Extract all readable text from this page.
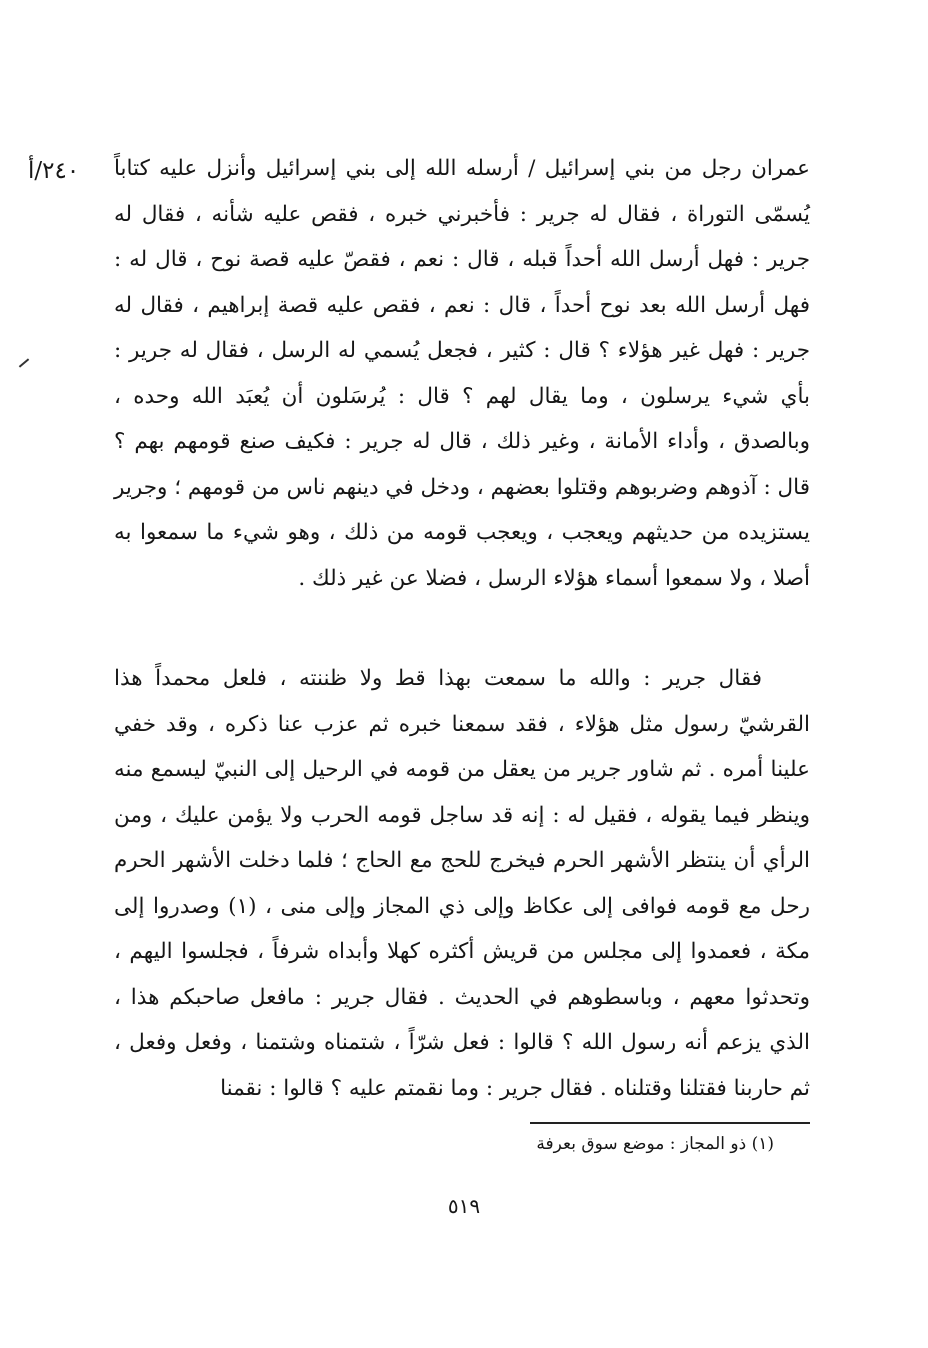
٢٤٠/أ عمران رجل من بني إسرائيل / أرسله الله إلى بني إسرائيل وأنزل عليه كتاباً يُسمّى التوراة ، فقال له جرير : فأخبرني خبره ، فقص عليه شأنه ، فقال له جرير : فهل أرسل الله أحداً قبله ، قال : نعم ، فقصّ عليه قصة نوح ، قال له : فهل أرسل الله بعد نوح أحداً ، قال : نعم ، فقص عليه قصة إبراهيم ، فقال له جرير : فهل غير هؤلاء ؟ قال : كثير ، فجعل يُسمي له الرسل ، فقال له جرير : بأي شيء يرسلون ، وما يقال لهم ؟ قال : يُرسَلون أن يُعبَد الله وحده ، وبالصدق ، وأداء الأمانة ، وغير ذلك ، قال له جرير : فكيف صنع قومهم بهم ؟ قال : آذوهم وضربوهم وقتلوا بعضهم ، ودخل في دينهم ناس من قومهم ؛ وجرير يستزيده من حديثهم ويعجب ، ويعجب قومه من ذلك ، وهو شيء ما سمعوا به أصلا ، ولا سمعوا أسماء هؤلاء الرسل ، فضلا عن غير ذلك .

فقال جرير : والله ما سمعت بهذا قط ولا ظننته ، فلعل محمداً هذا القرشيّ رسول مثل هؤلاء ، فقد سمعنا خبره ثم عزب عنا ذكره ، وقد خفي علينا أمره . ثم شاور جرير من يعقل من قومه في الرحيل إلى النبيّ ليسمع منه وينظر فيما يقوله ، فقيل له : إنه قد ساجل قومه الحرب ولا يؤمن عليك ، ومن الرأي أن ينتظر الأشهر الحرم فيخرج للحج مع الحاج ؛ فلما دخلت الأشهر الحرم رحل مع قومه فوافى إلى عكاظ وإلى ذي المجاز وإلى منى ، (١) وصدروا إلى مكة ، فعمدوا إلى مجلس من قريش أكثره كهلا وأبداه شرفاً ، فجلسوا اليهم ، وتحدثوا معهم ، وباسطوهم في الحديث . فقال جرير : مافعل صاحبكم هذا ، الذي يزعم أنه رسول الله ؟ قالوا : فعل شرّاً ، شتمناه وشتمنا ، وفعل وفعل ، ثم حاربنا فقتلنا وقتلناه . فقال جرير : وما نقمتم عليه ؟ قالوا : نقمنا

(١) ذو المجاز : موضع سوق بعرفة
٥١٩
